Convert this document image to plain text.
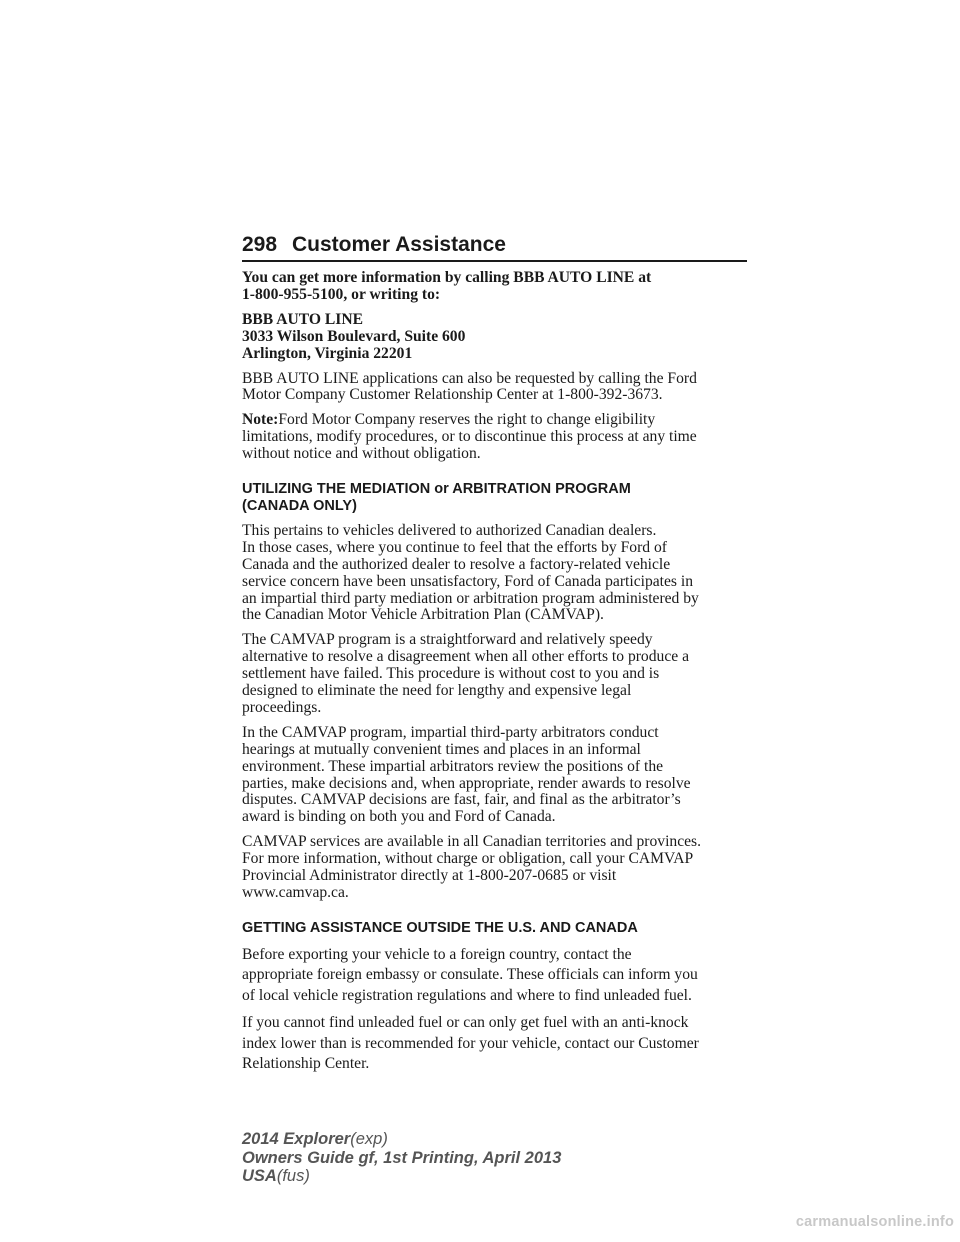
298 Customer Assistance

You can get more information by calling BBB AUTO LINE at
1-800-955-5100, or writing to:

BBB AUTO LINE
3033 Wilson Boulevard, Suite 600
Arlington, Virginia 22201

BBB AUTO LINE applications can also be requested by calling the Ford
Motor Company Customer Relationship Center at 1-800-392-3673.

Note:Ford Motor Company reserves the right to change eligibility
limitations, modify procedures, or to discontinue this process at any time
without notice and without obligation.

UTILIZING THE MEDIATION or ARBITRATION PROGRAM
(CANADA ONLY)

This pertains to vehicles delivered to authorized Canadian dealers.
In those cases, where you continue to feel that the efforts by Ford of
Canada and the authorized dealer to resolve a factory-related vehicle
service concern have been unsatisfactory, Ford of Canada participates in
an impartial third party mediation or arbitration program administered by
the Canadian Motor Vehicle Arbitration Plan (CAMVAP).

The CAMVAP program is a straightforward and relatively speedy
alternative to resolve a disagreement when all other efforts to produce a
settlement have failed. This procedure is without cost to you and is
designed to eliminate the need for lengthy and expensive legal
proceedings.

In the CAMVAP program, impartial third-party arbitrators conduct
hearings at mutually convenient times and places in an informal
environment. These impartial arbitrators review the positions of the
parties, make decisions and, when appropriate, render awards to resolve
disputes. CAMVAP decisions are fast, fair, and final as the arbitrator’s
award is binding on both you and Ford of Canada.

CAMVAP services are available in all Canadian territories and provinces.
For more information, without charge or obligation, call your CAMVAP
Provincial Administrator directly at 1-800-207-0685 or visit
www.camvap.ca.

GETTING ASSISTANCE OUTSIDE THE U.S. AND CANADA

Before exporting your vehicle to a foreign country, contact the
appropriate foreign embassy or consulate. These officials can inform you
of local vehicle registration regulations and where to find unleaded fuel.

If you cannot find unleaded fuel or can only get fuel with an anti-knock
index lower than is recommended for your vehicle, contact our Customer
Relationship Center.

2014 Explorer(exp)
Owners Guide gf, 1st Printing, April 2013
USA(fus)
carmanualsonline.info
